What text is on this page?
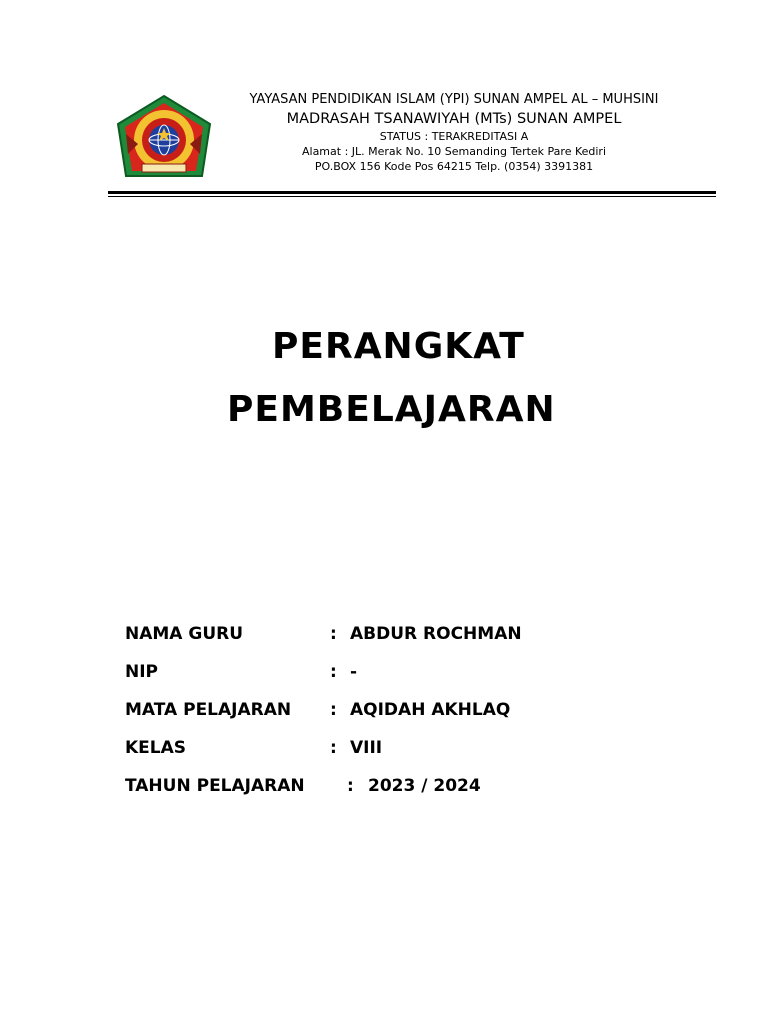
YAYASAN PENDIDIKAN ISLAM (YPI) SUNAN AMPEL AL – MUHSINI
MADRASAH TSANAWIYAH (MTs) SUNAN AMPEL
STATUS : TERAKREDITASI A
Alamat : JL. Merak No. 10 Semanding Tertek Pare Kediri
PO.BOX 156 Kode Pos 64215 Telp. (0354) 3391381
PERANGKAT
PEMBELAJARAN
NAMA GURU	: ABDUR ROCHMAN
NIP	: -
MATA PELAJARAN : AQIDAH AKHLAQ
KELAS	: VIII
TAHUN PELAJARAN : 2023 / 2024
